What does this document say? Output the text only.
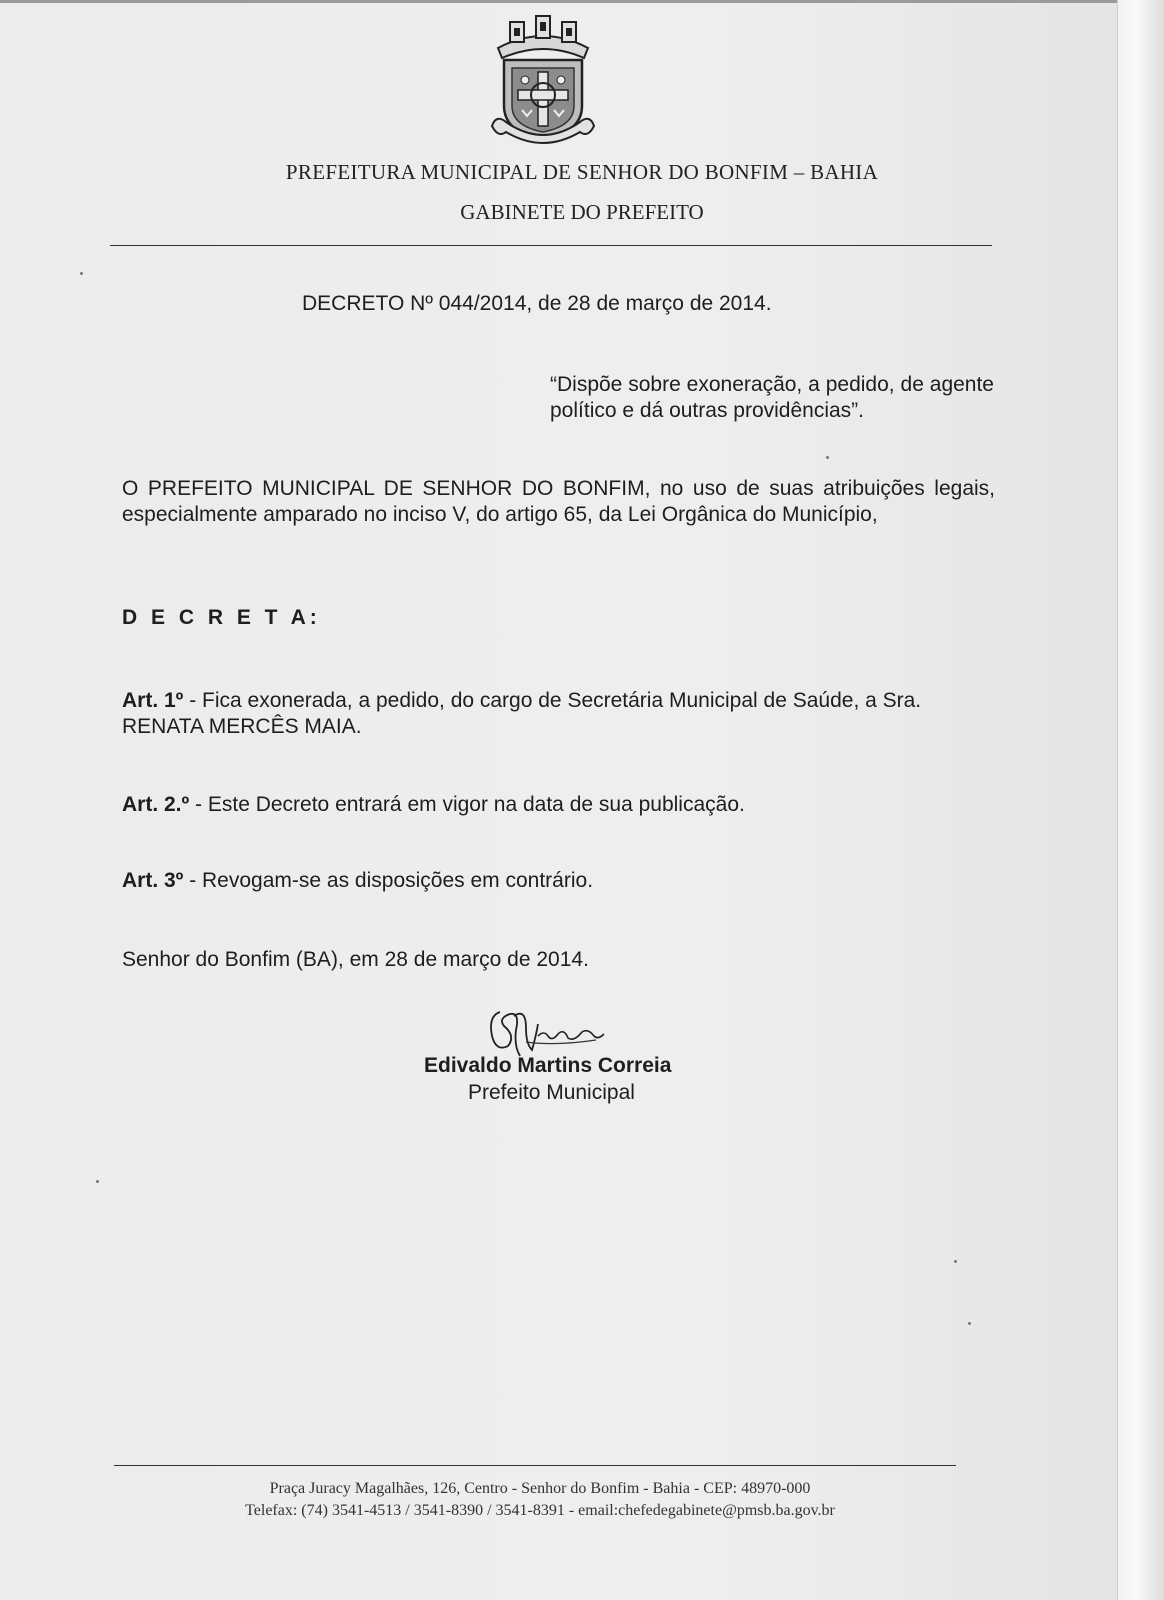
PREFEITURA MUNICIPAL DE SENHOR DO BONFIM – BAHIA
GABINETE DO PREFEITO
DECRETO Nº 044/2014, de 28 de março de 2014.
“Dispõe sobre exoneração, a pedido, de agente político e dá outras providências”.
O PREFEITO MUNICIPAL DE SENHOR DO BONFIM, no uso de suas atribuições legais, especialmente amparado no inciso V, do artigo 65, da Lei Orgânica do Município,
D E C R E T A:
Art. 1º - Fica exonerada, a pedido, do cargo de Secretária Municipal de Saúde, a Sra. RENATA MERCÊS MAIA.
Art. 2.º - Este Decreto entrará em vigor na data de sua publicação.
Art. 3º - Revogam-se as disposições em contrário.
Senhor do Bonfim (BA), em 28 de março de 2014.
Edivaldo Martins Correia
Prefeito Municipal
Praça Juracy Magalhães, 126, Centro - Senhor do Bonfim - Bahia - CEP: 48970-000
Telefax: (74) 3541-4513 / 3541-8390 / 3541-8391 - email:chefedegabinete@pmsb.ba.gov.br
